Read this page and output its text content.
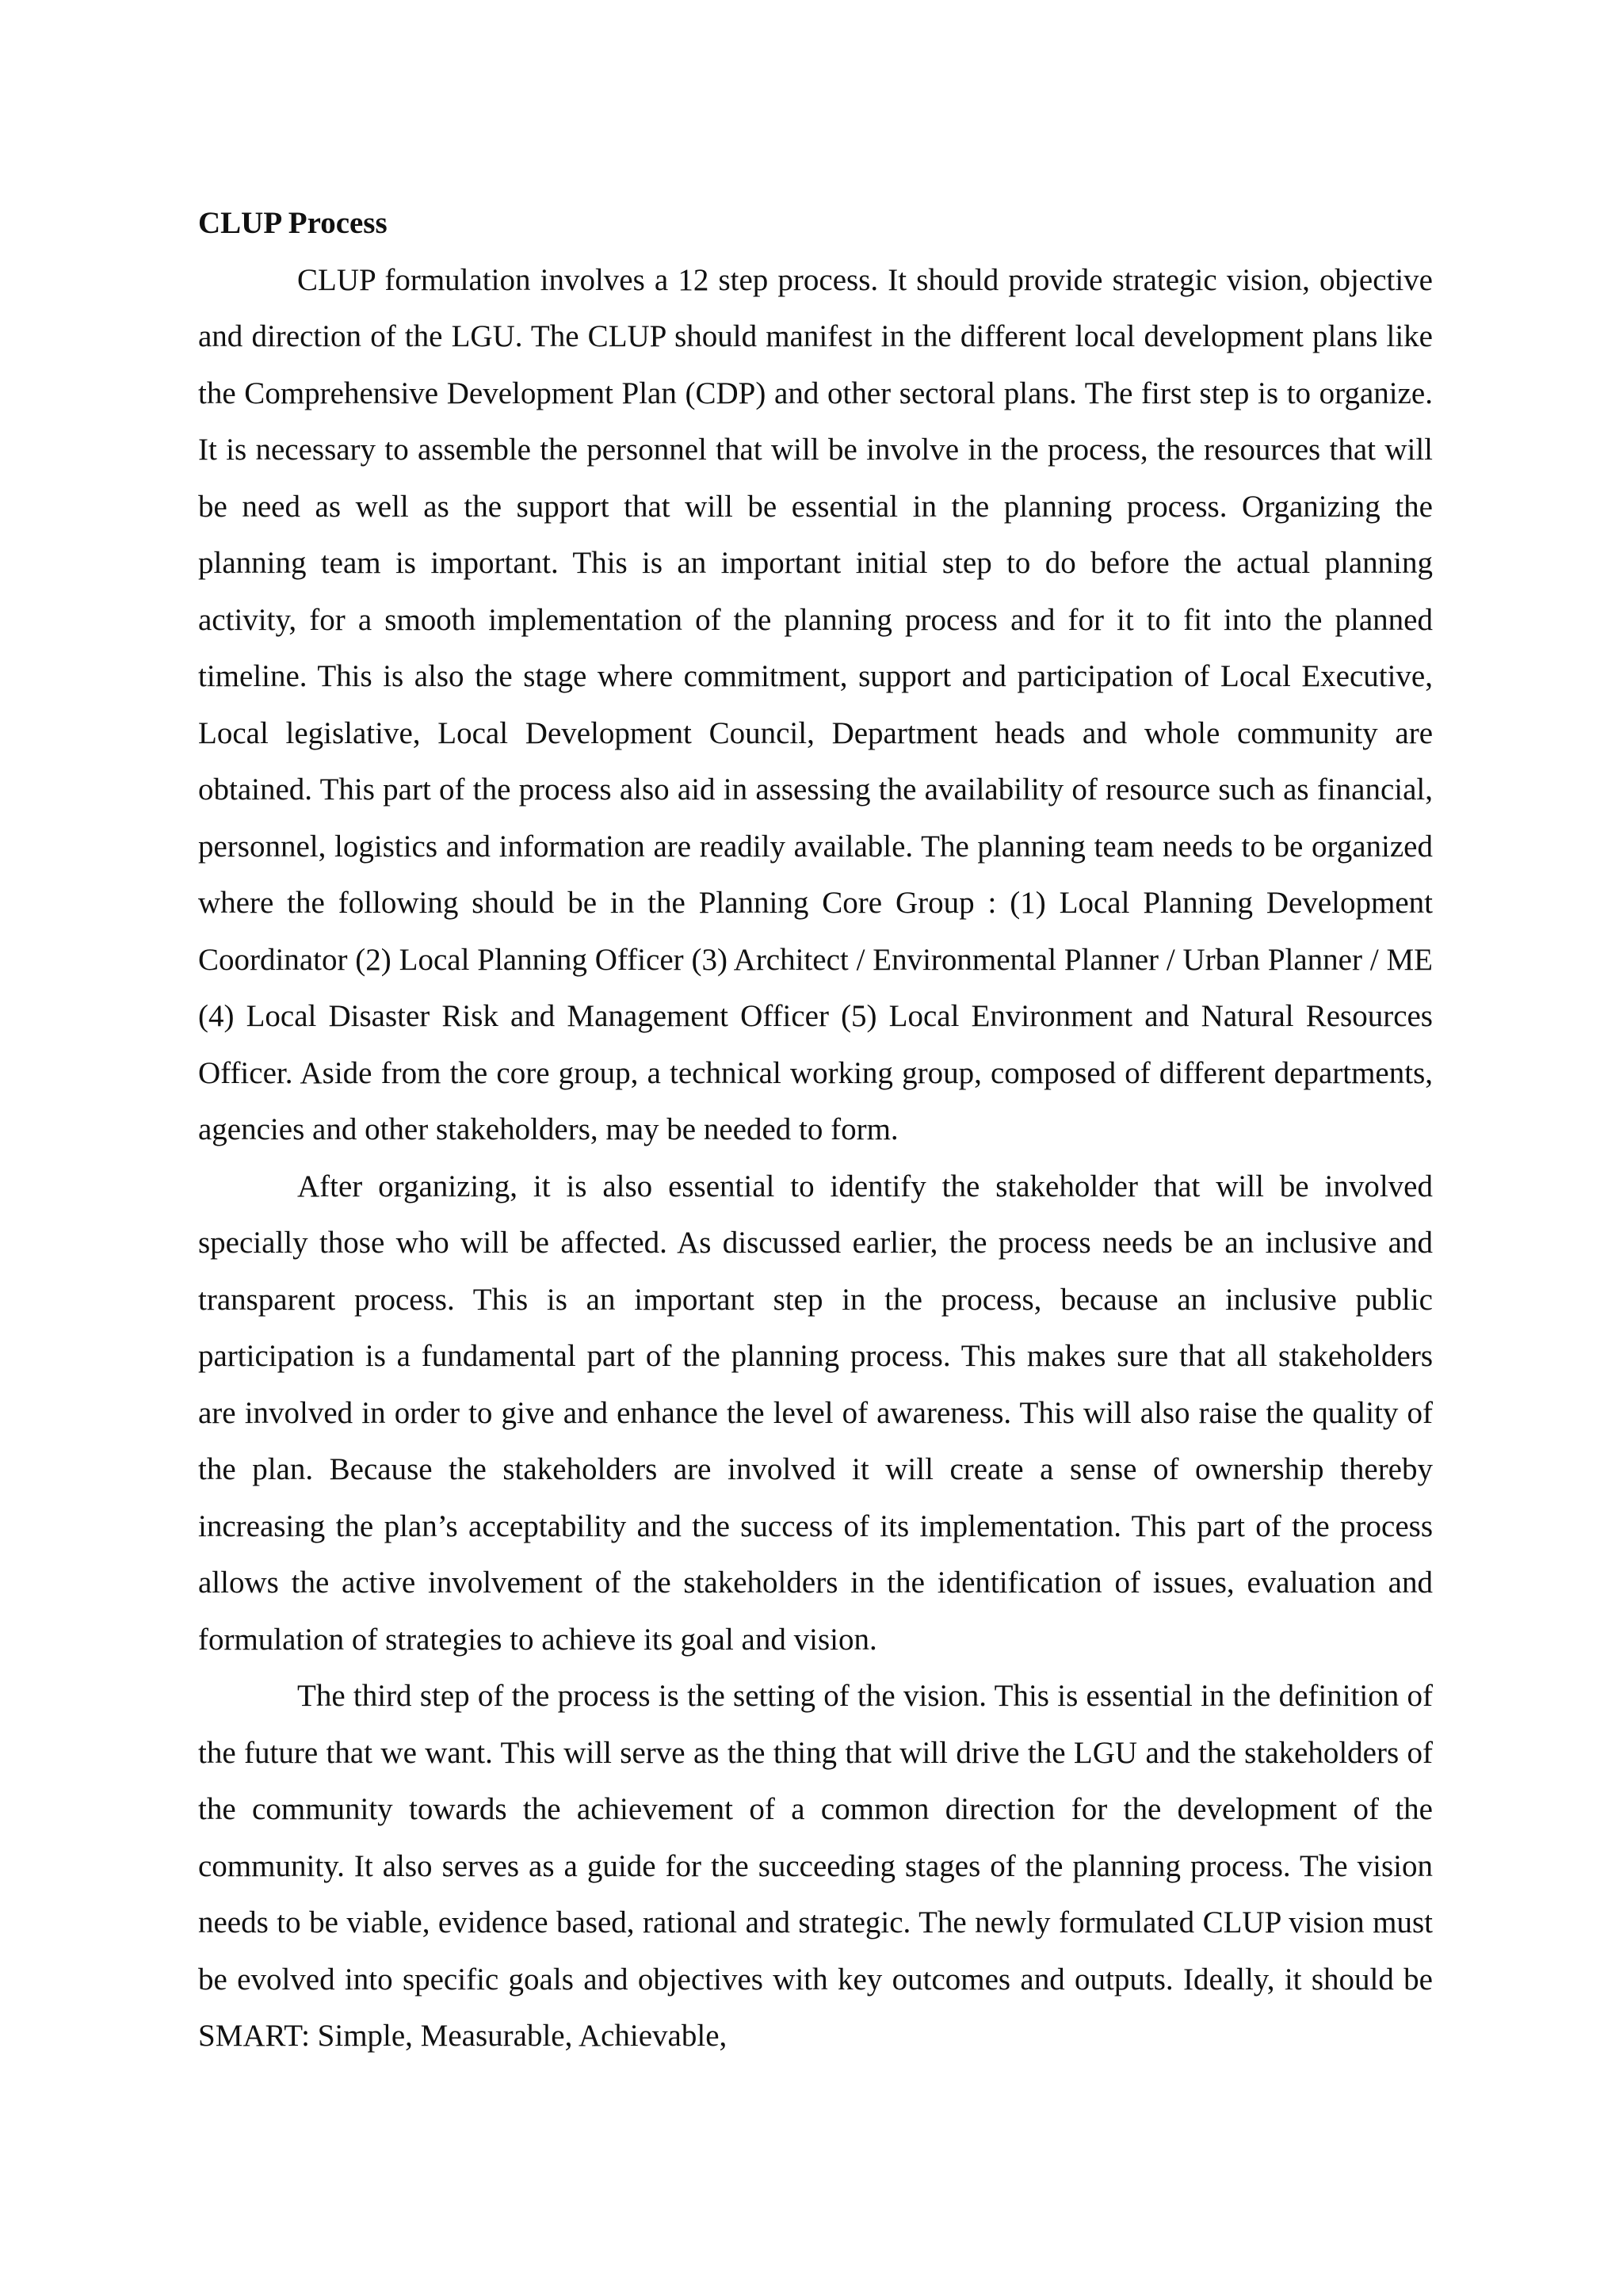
CLUP Process

CLUP formulation involves a 12 step process. It should provide strategic vision, objective and direction of the LGU. The CLUP should manifest in the different local development plans like the Comprehensive Development Plan (CDP) and other sectoral plans. The first step is to organize. It is necessary to assemble the personnel that will be involve in the process, the resources that will be need as well as the support that will be essential in the planning process. Organizing the planning team is important. This is an important initial step to do before the actual planning activity, for a smooth implementation of the planning process and for it to fit into the planned timeline. This is also the stage where commitment, support and participation of Local Executive, Local legislative, Local Development Council, Department heads and whole community are obtained. This part of the process also aid in assessing the availability of resource such as financial, personnel, logistics and information are readily available. The planning team needs to be organized where the following should be in the Planning Core Group : (1) Local Planning Development Coordinator (2) Local Planning Officer (3) Architect / Environmental Planner / Urban Planner / ME (4) Local Disaster Risk and Management Officer (5) Local Environment and Natural Resources Officer. Aside from the core group, a technical working group, composed of different departments, agencies and other stakeholders, may be needed to form.

After organizing, it is also essential to identify the stakeholder that will be involved specially those who will be affected. As discussed earlier, the process needs be an inclusive and transparent process. This is an important step in the process, because an inclusive public participation is a fundamental part of the planning process. This makes sure that all stakeholders are involved in order to give and enhance the level of awareness. This will also raise the quality of the plan. Because the stakeholders are involved it will create a sense of ownership thereby increasing the plan’s acceptability and the success of its implementation. This part of the process allows the active involvement of the stakeholders in the identification of issues, evaluation and formulation of strategies to achieve its goal and vision.

The third step of the process is the setting of the vision. This is essential in the definition of the future that we want. This will serve as the thing that will drive the LGU and the stakeholders of the community towards the achievement of a common direction for the development of the community. It also serves as a guide for the succeeding stages of the planning process. The vision needs to be viable, evidence based, rational and strategic. The newly formulated CLUP vision must be evolved into specific goals and objectives with key outcomes and outputs. Ideally, it should be SMART: Simple, Measurable, Achievable,
